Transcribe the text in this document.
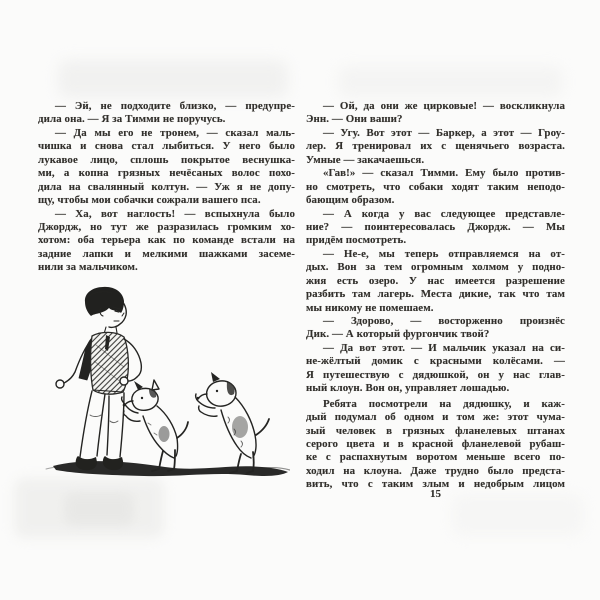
— Эй, не подходите близко, — предупре-
дила она. — Я за Тимми не поручусь.
— Да мы его не тронем, — сказал маль-
чишка и снова стал лыбиться. У него было
лукавое лицо, сплошь покрытое веснушка-
ми, а копна грязных нечёсаных волос похо-
дила на свалянный колтун. — Уж я не допу-
щу, чтобы мои собачки сожрали вашего пса.
— Ха, вот наглость! — вспыхнула было
Джордж, но тут же разразилась громким хо-
хотом: оба терьера как по команде встали на
задние лапки и мелкими шажками засеме-
нили за мальчиком.
— Ой, да они же цирковые! — воскликнула
Энн. — Они ваши?
— Угу. Вот этот — Баркер, а этот — Гроу-
лер. Я тренировал их с щенячьего возраста.
Умные — закачаешься.
«Гав!» — сказал Тимми. Ему было против-
но смотреть, что собаки ходят таким неподо-
бающим образом.
— А когда у вас следующее представле-
ние? — поинтересовалась Джордж. — Мы
придём посмотреть.
— Не-е, мы теперь отправляемся на от-
дых. Вон за тем огромным холмом у подно-
жия есть озеро. У нас имеется разрешение
разбить там лагерь. Места дикие, так что там
мы никому не помешаем.
— Здорово, — восторженно произнёс
Дик. — А который фургончик твой?
— Да вот этот. — И мальчик указал на си-
не-жёлтый домик с красными колёсами. —
Я путешествую с дядюшкой, он у нас глав-
ный клоун. Вон он, управляет лошадью.
Ребята посмотрели на дядюшку, и каж-
дый подумал об одном и том же: этот чума-
зый человек в грязных фланелевых штанах
серого цвета и в красной фланелевой рубаш-
ке с распахнутым воротом меньше всего по-
ходил на клоуна. Даже трудно было предста-
вить, что с таким злым и недобрым лицом
15
